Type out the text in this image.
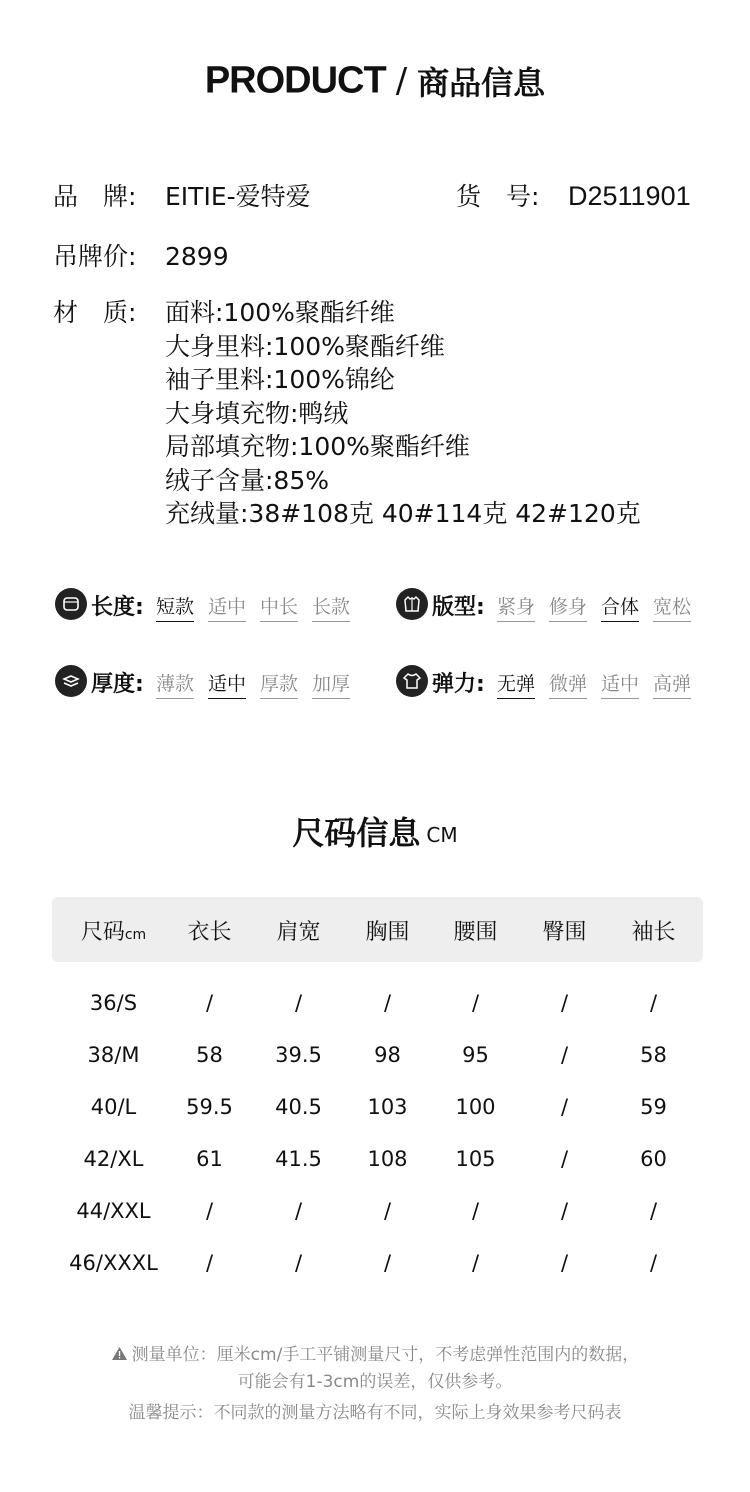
PRODUCT / 商品信息
品　牌: EITIE-爱特爱	货　号: D2511901
吊牌价: 2899
材　质: 面料:100%聚酯纤维
大身里料:100%聚酯纤维
袖子里料:100%锦纶
大身填充物:鸭绒
局部填充物:100%聚酯纤维
绒子含量:85%
充绒量:38#108克 40#114克 42#120克
长度: 短款 适中 中长 长款	版型: 紧身 修身 合体 宽松
厚度: 薄款 适中 厚款 加厚	弹力: 无弹 微弹 适中 高弹
尺码信息 CM
尺码cm	衣长	肩宽	胸围	腰围	臀围	袖长
36/S	/	/	/	/	/	/
38/M	58	39.5	98	95	/	58
40/L	59.5	40.5	103	100	/	59
42/XL	61	41.5	108	105	/	60
44/XXL	/	/	/	/	/	/
46/XXXL	/	/	/	/	/	/
测量单位：厘米cm/手工平铺测量尺寸，不考虑弹性范围内的数据，
可能会有1-3cm的误差，仅供参考。
温馨提示：不同款的测量方法略有不同，实际上身效果参考尺码表
